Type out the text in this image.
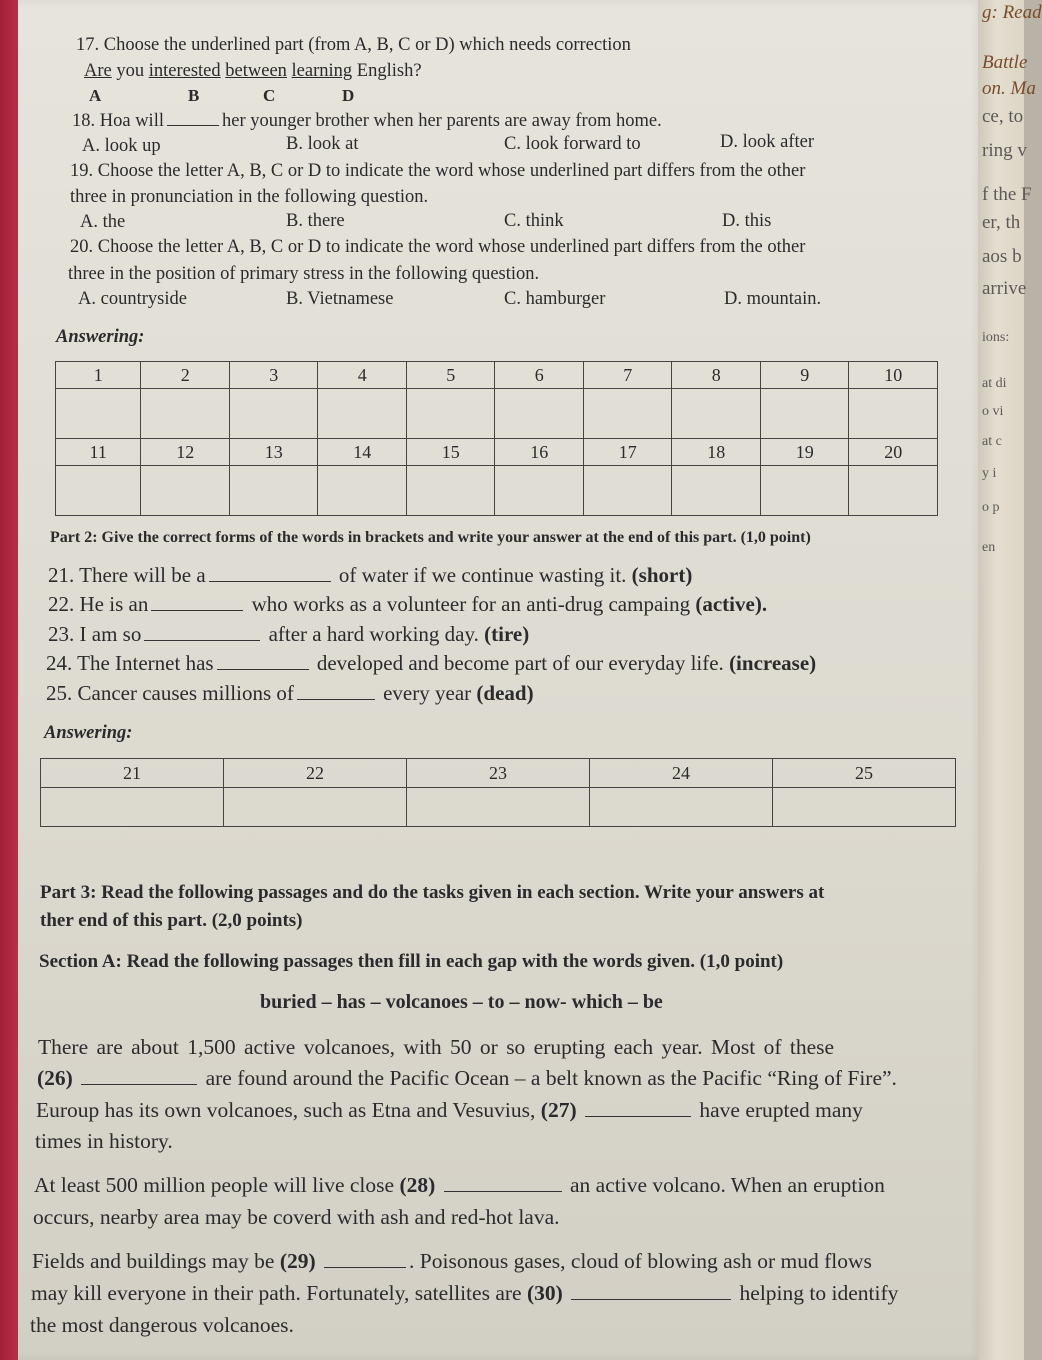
g: Read
Battle
on. Ma
ce, to
ring v
f the F
er, th
aos b
arrive
ions:
at di
o vi
at c
y i
o p
en
17. Choose the underlined part (from A, B, C or D) which needs correction
Are you interested between learning English?
A	B	C	D
18. Hoa will	her younger brother when her parents are away from home.
A. look up	B. look at	C. look forward to	D. look after
19. Choose the letter A, B, C or D to indicate the word whose underlined part differs from the other
three in pronunciation in the following question.
A. the	B. there	C. think	D. this
20. Choose the letter A, B, C or D to indicate the word whose underlined part differs from the other
three in the position of primary stress in the following question.
A. countryside	B. Vietnamese	C. hamburger	D. mountain.
Answering:
1	2	3	4	5	6	7	8	9	10

11	12	13	14	15	16	17	18	19	20

Part 2: Give the correct forms of the words in brackets and write your answer at the end of this part. (1,0 point)
21. There will be a	of water if we continue wasting it. (short)
22. He is an	who works as a volunteer for an anti-drug campaing (active).
23. I am so	after a hard working day. (tire)
24. The Internet has	developed and become part of our everyday life. (increase)
25. Cancer causes millions of	every year (dead)
Answering:
21	22	23	24	25

Part 3: Read the following passages and do the tasks given in each section. Write your answers at
ther end of this part. (2,0 points)
Section A: Read the following passages then fill in each gap with the words given. (1,0 point)
buried – has – volcanoes – to – now- which – be
There are about 1,500 active volcanoes, with 50 or so erupting each year. Most of these
(26)	are found around the Pacific Ocean – a belt known as the Pacific “Ring of Fire”.
Euroup has its own volcanoes, such as Etna and Vesuvius, (27)	have erupted many
times in history.
At least 500 million people will live close (28)	an active volcano. When an eruption
occurs, nearby area may be coverd with ash and red-hot lava.
Fields and buildings may be (29)	. Poisonous gases, cloud of blowing ash or mud flows
may kill everyone in their path. Fortunately, satellites are (30)	helping to identify
the most dangerous volcanoes.
